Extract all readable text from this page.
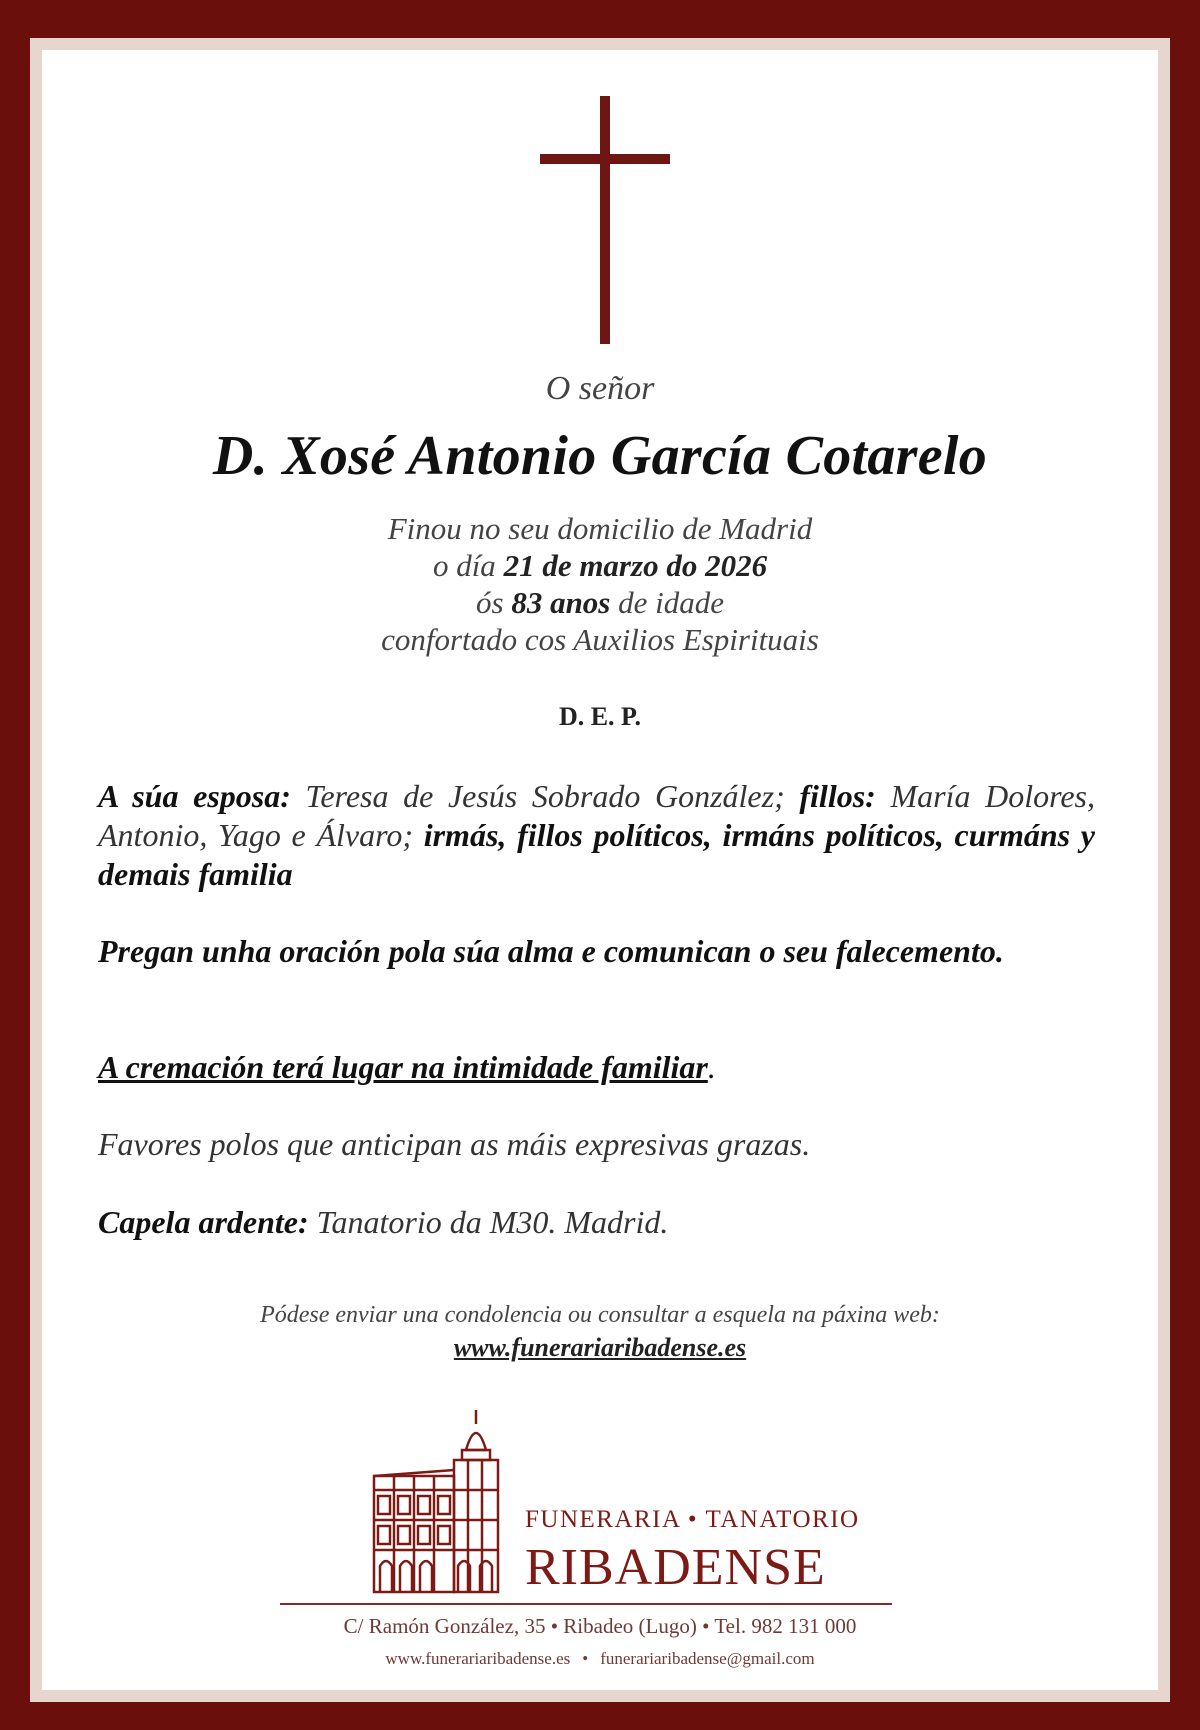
O señor
D. Xosé Antonio García Cotarelo
Finou no seu domicilio de Madrid
o día 21 de marzo do 2026
ós 83 anos de idade
confortado cos Auxilios Espirituais
D. E. P.
A súa esposa: Teresa de Jesús Sobrado González; fillos: María Dolores, Antonio, Yago e Álvaro; irmás, fillos políticos, irmáns políticos, curmáns y demais familia
Pregan unha oración pola súa alma e comunican o seu falecemento.
A cremación terá lugar na intimidade familiar.
Favores polos que anticipan as máis expresivas grazas.
Capela ardente: Tanatorio da M30. Madrid.
Pódese enviar una condolencia ou consultar a esquela na páxina web:
www.funerariaribadense.es
FUNERARIA • TANATORIO
RIBADENSE
C/ Ramón González, 35 • Ribadeo (Lugo) • Tel. 982 131 000
www.funerariaribadense.es • funerariaribadense@gmail.com
